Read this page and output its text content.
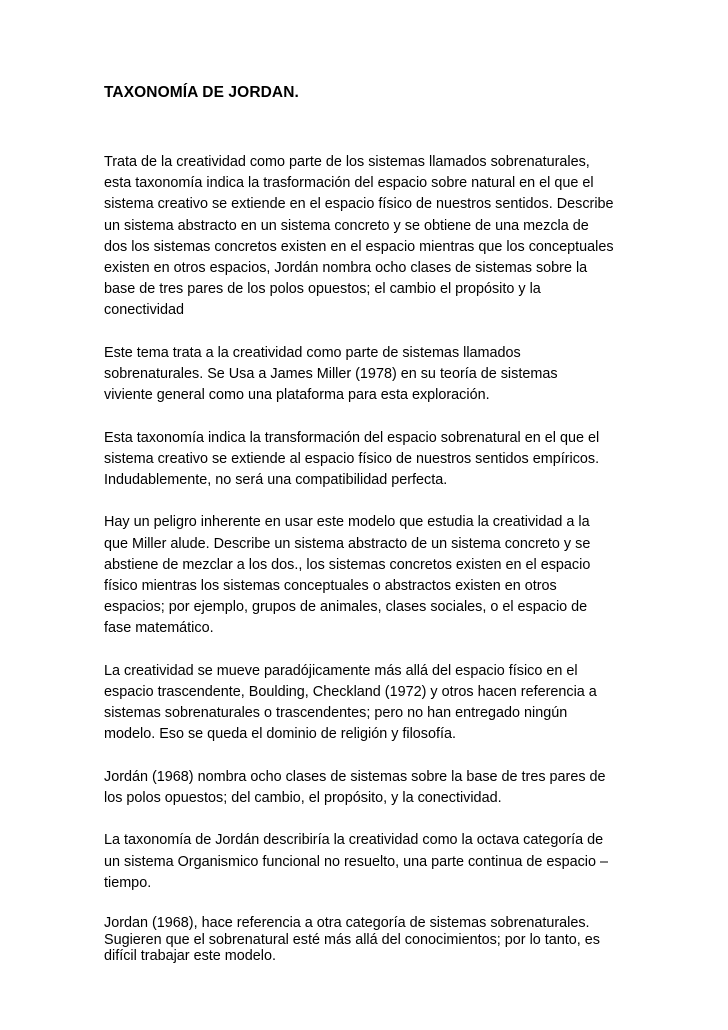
TAXONOMÍA DE JORDAN.

Trata de la creatividad como parte de los sistemas llamados sobrenaturales,
esta taxonomía indica la trasformación del espacio sobre natural en el que el
sistema creativo se extiende en el espacio físico de nuestros sentidos. Describe
un sistema abstracto en un sistema concreto y se obtiene de una mezcla de
dos los sistemas concretos existen en el espacio mientras que los conceptuales
existen en otros espacios, Jordán nombra ocho clases de sistemas sobre la
base de tres pares de los polos opuestos; el cambio el propósito y la
conectividad

Este tema trata a la creatividad como parte de sistemas llamados
sobrenaturales. Se Usa a James Miller (1978) en su teoría de sistemas
viviente general como una plataforma para esta exploración.

Esta taxonomía indica la transformación del espacio sobrenatural en el que el
sistema creativo se extiende al espacio físico de nuestros sentidos empíricos.
Indudablemente, no será una compatibilidad perfecta.

Hay un peligro inherente en usar este modelo que estudia la creatividad a la
que Miller alude. Describe un sistema abstracto de un sistema concreto y se
abstiene de mezclar a los dos., los sistemas concretos existen en el espacio
físico mientras los sistemas conceptuales o abstractos existen en otros
espacios; por ejemplo, grupos de animales, clases sociales, o el espacio de
fase matemático.

La creatividad se mueve paradójicamente más allá del espacio físico en el
espacio trascendente, Boulding, Checkland (1972) y otros hacen referencia a
sistemas sobrenaturales o trascendentes; pero no han entregado ningún
modelo. Eso se queda el dominio de religión y filosofía.

Jordán (1968) nombra ocho clases de sistemas sobre la base de tres pares de
los polos opuestos; del cambio, el propósito, y la conectividad.

La taxonomía de Jordán describiría la creatividad como la octava categoría de
un sistema Organismico funcional no resuelto, una parte continua de espacio –
tiempo.

Jordan (1968), hace referencia a otra categoría de sistemas sobrenaturales.
Sugieren que el sobrenatural esté más allá del conocimientos; por lo tanto, es
difícil trabajar este modelo.
